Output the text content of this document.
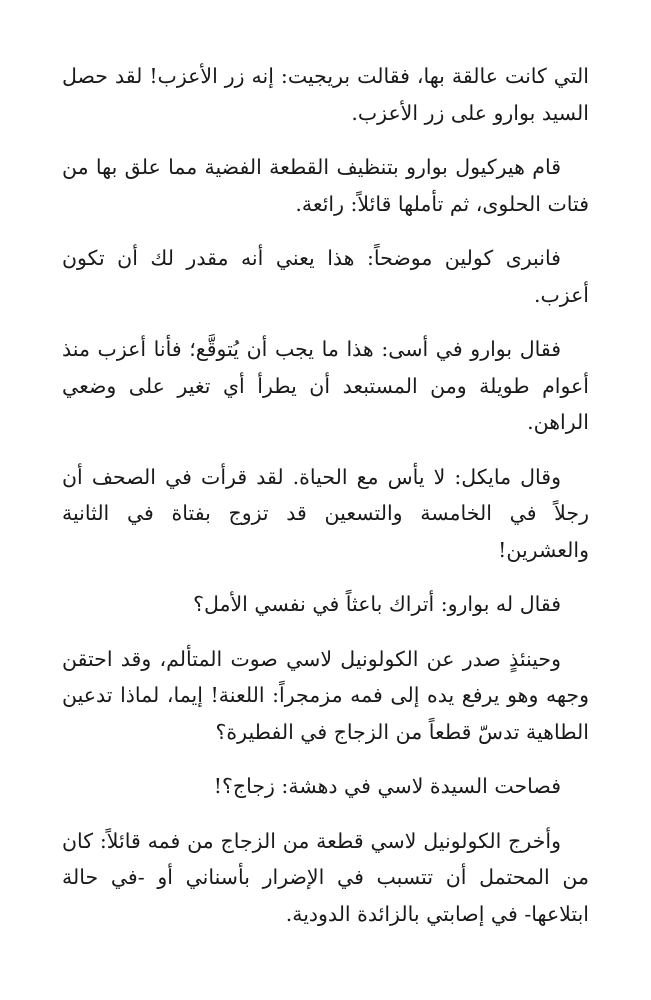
التي كانت عالقة بها، فقالت بريجيت: إنه زر الأعزب! لقد حصل السيد بوارو على زر الأعزب.

قام هيركيول بوارو بتنظيف القطعة الفضية مما علق بها من فتات الحلوى، ثم تأملها قائلاً: رائعة.

فانبرى كولين موضحاً: هذا يعني أنه مقدر لك أن تكون أعزب.

فقال بوارو في أسى: هذا ما يجب أن يُتوقَّع؛ فأنا أعزب منذ أعوام طويلة ومن المستبعد أن يطرأ أي تغير على وضعي الراهن.

وقال مايكل: لا يأس مع الحياة. لقد قرأت في الصحف أن رجلاً في الخامسة والتسعين قد تزوج بفتاة في الثانية والعشرين!

فقال له بوارو: أتراك باعثاً في نفسي الأمل؟

وحينئذٍ صدر عن الكولونيل لاسي صوت المتألم، وقد احتقن وجهه وهو يرفع يده إلى فمه مزمجراً: اللعنة! إيما، لماذا تدعين الطاهية تدسّ قطعاً من الزجاج في الفطيرة؟

فصاحت السيدة لاسي في دهشة: زجاج؟!

وأخرج الكولونيل لاسي قطعة من الزجاج من فمه قائلاً: كان من المحتمل أن تتسبب في الإضرار بأسناني أو -في حالة ابتلاعها- في إصابتي بالزائدة الدودية.
